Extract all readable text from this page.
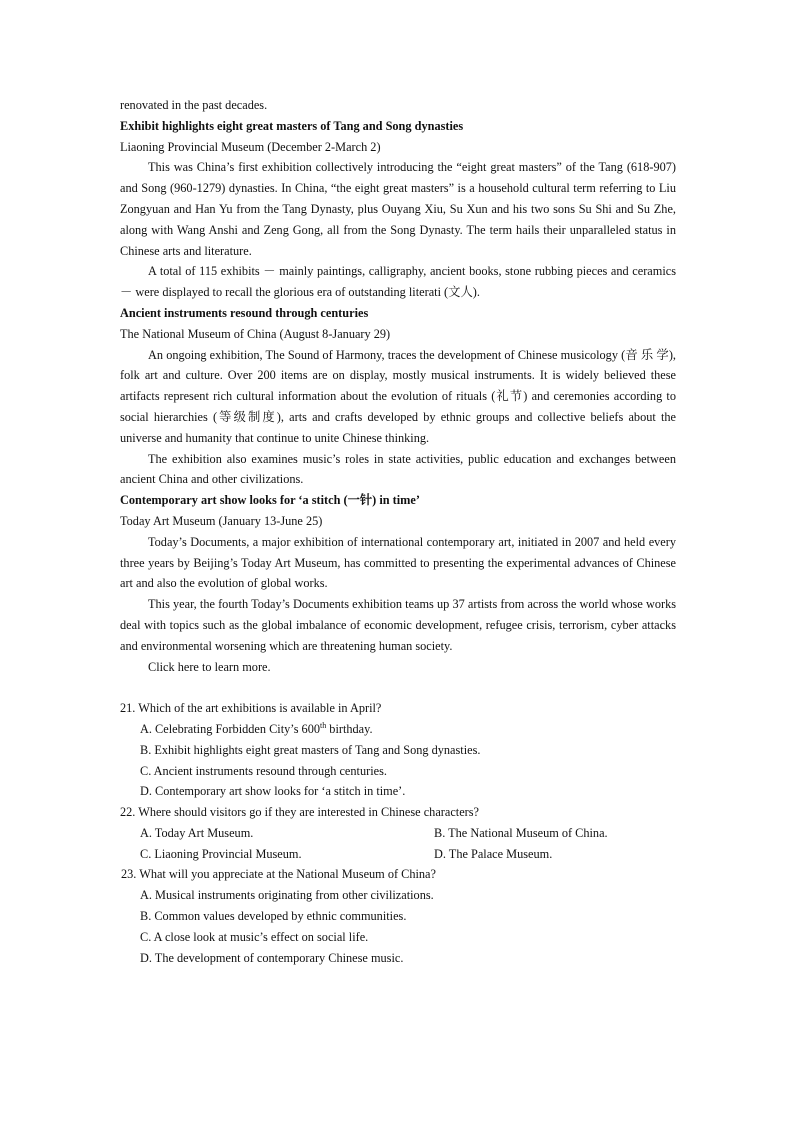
renovated in the past decades.
Exhibit highlights eight great masters of Tang and Song dynasties
Liaoning Provincial Museum (December 2-March 2)

This was China’s first exhibition collectively introducing the “eight great masters” of the Tang (618-907) and Song (960-1279) dynasties. In China, “the eight great masters” is a household cultural term referring to Liu Zongyuan and Han Yu from the Tang Dynasty, plus Ouyang Xiu, Su Xun and his two sons Su Shi and Su Zhe, along with Wang Anshi and Zeng Gong, all from the Song Dynasty. The term hails their unparalleled status in Chinese arts and literature.

A total of 115 exhibits － mainly paintings, calligraphy, ancient books, stone rubbing pieces and ceramics － were displayed to recall the glorious era of outstanding literati (文人).

Ancient instruments resound through centuries
The National Museum of China (August 8-January 29)

An ongoing exhibition, The Sound of Harmony, traces the development of Chinese musicology (音 乐 学), folk art and culture. Over 200 items are on display, mostly musical instruments. It is widely believed these artifacts represent rich cultural information about the evolution of rituals (礼节) and ceremonies according to social hierarchies (等级制度), arts and crafts developed by ethnic groups and collective beliefs about the universe and humanity that continue to unite Chinese thinking.

The exhibition also examines music’s roles in state activities, public education and exchanges between ancient China and other civilizations.

Contemporary art show looks for ‘a stitch (一针) in time’
Today Art Museum (January 13-June 25)

Today’s Documents, a major exhibition of international contemporary art, initiated in 2007 and held every three years by Beijing’s Today Art Museum, has committed to presenting the experimental advances of Chinese art and also the evolution of global works.

This year, the fourth Today’s Documents exhibition teams up 37 artists from across the world whose works deal with topics such as the global imbalance of economic development, refugee crisis, terrorism, cyber attacks and environmental worsening which are threatening human society.

Click here to learn more.

21. Which of the art exhibitions is available in April?
A. Celebrating Forbidden City’s 600th birthday.
B. Exhibit highlights eight great masters of Tang and Song dynasties.
C. Ancient instruments resound through centuries.
D. Contemporary art show looks for ‘a stitch in time’.
22. Where should visitors go if they are interested in Chinese characters?
A. Today Art Museum.	B. The National Museum of China.
C. Liaoning Provincial Museum.	D. The Palace Museum.
23. What will you appreciate at the National Museum of China?
A. Musical instruments originating from other civilizations.
B. Common values developed by ethnic communities.
C. A close look at music’s effect on social life.
D. The development of contemporary Chinese music.
